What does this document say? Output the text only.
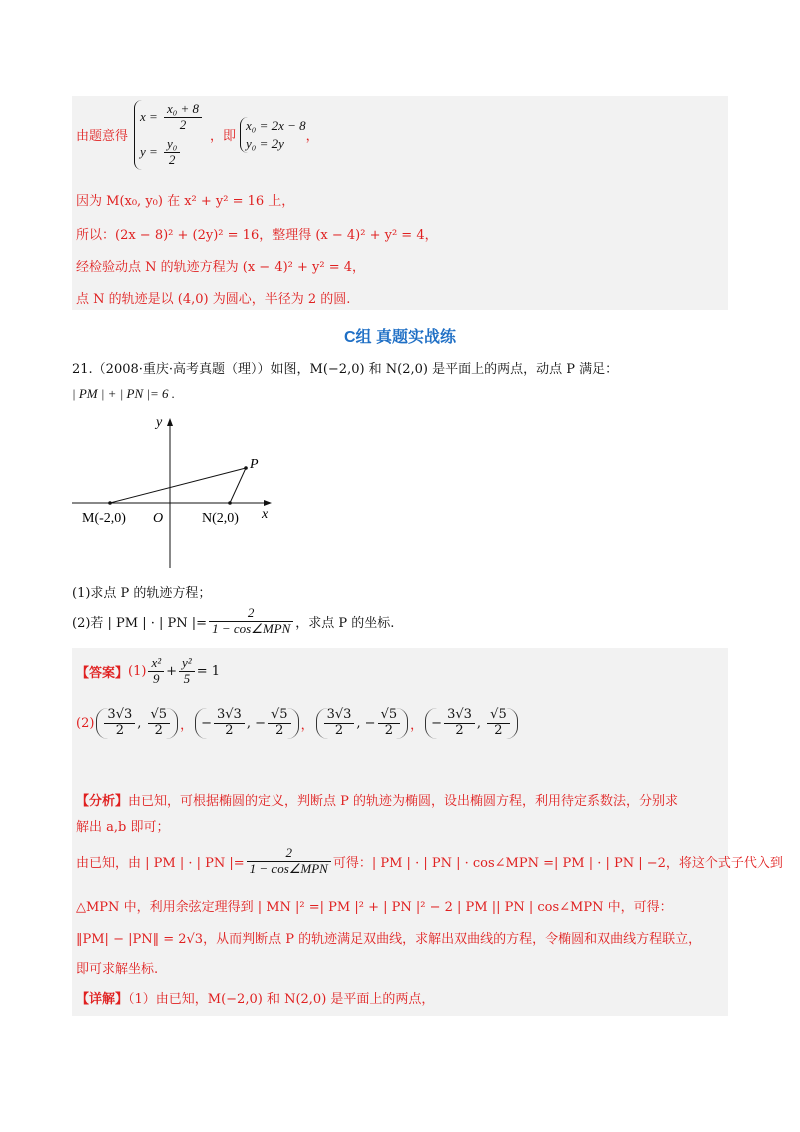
由题意得
$x = \frac{\text{x₀ + 8}}{2}$
$y = \frac{\text{y₀}}{2}$ ，即
x₀ = 2x − 8
y₀ = 2y	，
因为 M(x₀, y₀) 在 x² + y² = 16 上，
所以：(2x − 8)² + (2y)² = 16，整理得 (x − 4)² + y² = 4，
经检验动点 N 的轨迹方程为 (x − 4)² + y² = 4，
点 N 的轨迹是以 (4,0) 为圆心，半径为 2 的圆.
C组 真题实战练
21.（2008·重庆·高考真题（理））如图，M(−2,0) 和 N(2,0) 是平面上的两点，动点 P 满足：
| PM | + | PN |= 6 .
y
x
P
M(-2,0) O	N(2,0)
(1)求点 P 的轨迹方程；
(2)若 | PM | · | PN |= $\frac{2}{\text{1 − cos∠MPN}}$ ，求点 P 的坐标.
【答案】 $(1) \frac{\text{x²}}{9} + \frac{\text{y²}}{5} = 1$
$(2) \frac{3√3}{2}$ , $\frac{√5}{2}$ ， − $\frac{3√3}{2}$ , − $\frac{√5}{2}$ ， $\frac{3√3}{2}$ , − $\frac{√5}{2}$ ， − $\frac{3√3}{2}$ , $\frac{√5}{2}$
【分析】由已知，可根据椭圆的定义，判断点 P 的轨迹为椭圆，设出椭圆方程，利用待定系数法，分别求
解出 a,b 即可；
由已知，由 | PM | · | PN |= $\frac{2}{\text{1 − cos∠MPN}}$ 可得：| PM | · | PN | · cos∠MPN =| PM | · | PN | −2，将这个式子代入到
△MPN 中，利用余弦定理得到 | MN |² =| PM |² + | PN |² − 2 | PM || PN | cos∠MPN 中，可得：
‖PM| − |PN‖ = 2√3，从而判断点 P 的轨迹满足双曲线，求解出双曲线的方程，令椭圆和双曲线方程联立，
即可求解坐标.
【详解】（1）由已知，M(−2,0) 和 N(2,0) 是平面上的两点，
